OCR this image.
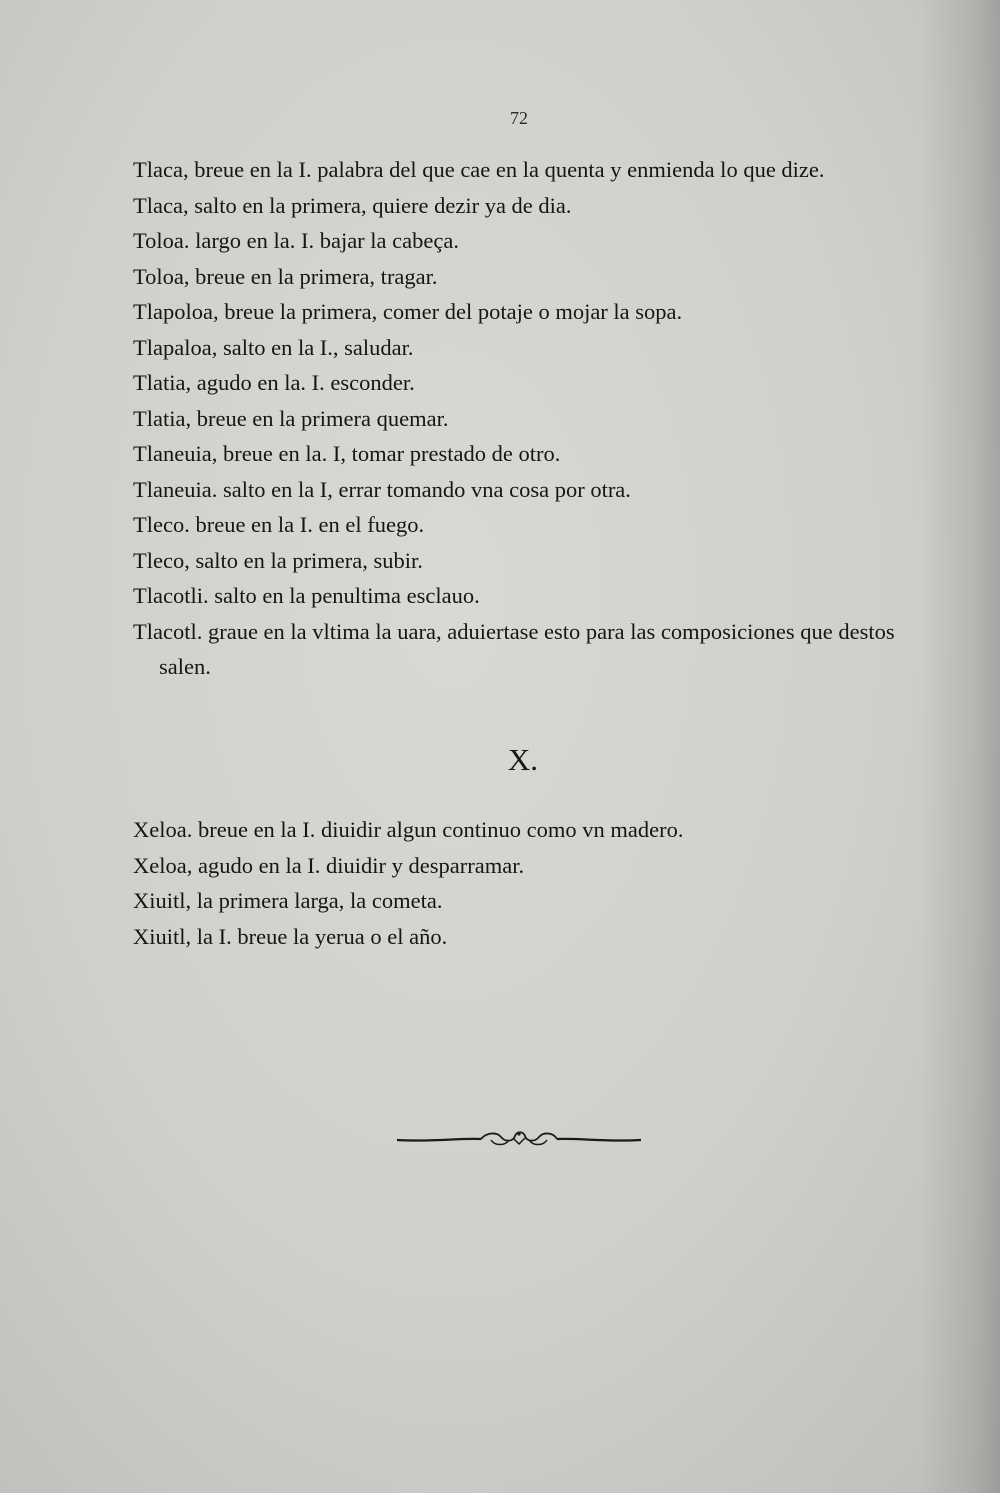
72

Tlaca, breue en la I. palabra del que cae en la quenta y enmienda lo que dize.

Tlaca, salto en la primera, quiere dezir ya de dia.

Toloa. largo en la. I. bajar la cabeça.

Toloa, breue en la primera, tragar.

Tlapoloa, breue la primera, comer del potaje o mojar la sopa.

Tlapaloa, salto en la I., saludar.

Tlatia, agudo en la. I. esconder.

Tlatia, breue en la primera quemar.

Tlaneuia, breue en la. I, tomar prestado de otro.

Tlaneuia. salto en la I, errar tomando vna cosa por otra.

Tleco. breue en la I. en el fuego.

Tleco, salto en la primera, subir.

Tlacotli. salto en la penultima esclauo.

Tlacotl. graue en la vltima la uara, aduiertase esto para las composiciones que destos salen.

X.

Xeloa. breue en la I. diuidir algun continuo como vn madero.

Xeloa, agudo en la I. diuidir y desparramar.

Xiuitl, la primera larga, la cometa.

Xiuitl, la I. breue la yerua o el año.
